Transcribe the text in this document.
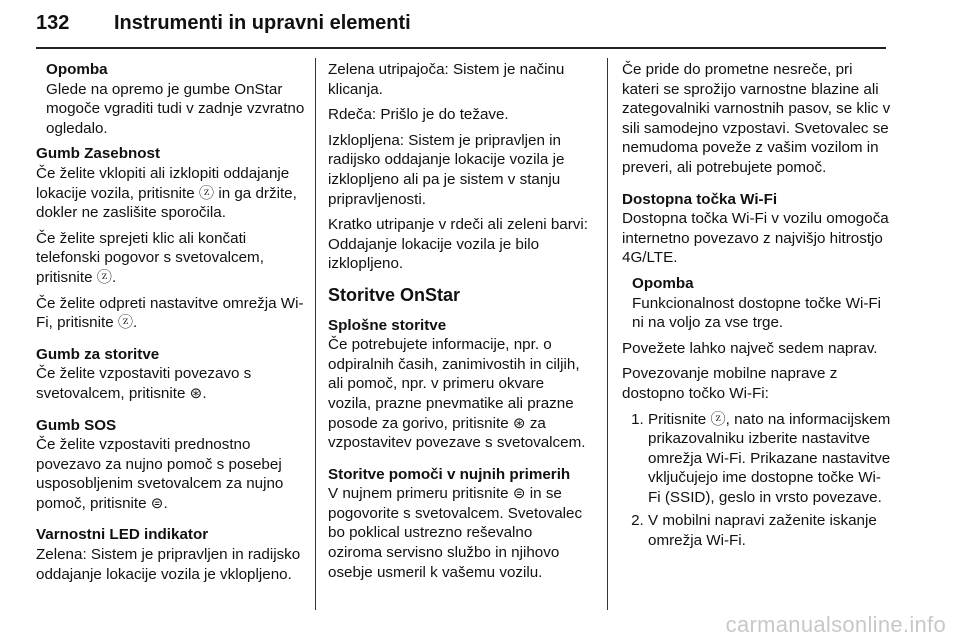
132 Instrumenti in upravni elementi
Opomba

Glede na opremo je gumbe OnStar mogoče vgraditi tudi v zadnje vzvratno ogledalo.

Gumb Zasebnost

Če želite vklopiti ali izklopiti oddajanje lokacije vozila, pritisnite ⓩ in ga držite, dokler ne zaslišite sporočila.

Če želite sprejeti klic ali končati telefonski pogovor s svetovalcem, pritisnite ⓩ.

Če želite odpreti nastavitve omrežja Wi-Fi, pritisnite ⓩ.

Gumb za storitve

Če želite vzpostaviti povezavo s svetovalcem, pritisnite ⊛.

Gumb SOS

Če želite vzpostaviti prednostno povezavo za nujno pomoč s posebej usposobljenim svetovalcem za nujno pomoč, pritisnite ⊜.

Varnostni LED indikator

Zelena: Sistem je pripravljen in radijsko oddajanje lokacije vozila je vklopljeno.

Zelena utripajoča: Sistem je načinu klicanja.

Rdeča: Prišlo je do težave.

Izklopljena: Sistem je pripravljen in radijsko oddajanje lokacije vozila je izklopljeno ali pa je sistem v stanju pripravljenosti.

Kratko utripanje v rdeči ali zeleni barvi: Oddajanje lokacije vozila je bilo izklopljeno.

Storitve OnStar
Splošne storitve

Če potrebujete informacije, npr. o odpiralnih časih, zanimivostih in ciljih, ali pomoč, npr. v primeru okvare vozila, prazne pnevmatike ali prazne posode za gorivo, pritisnite ⊛ za vzpostavitev povezave s svetovalcem.

Storitve pomoči v nujnih primerih

V nujnem primeru pritisnite ⊜ in se pogovorite s svetovalcem. Svetovalec bo poklical ustrezno reševalno oziroma servisno službo in njihovo osebje usmeril k vašemu vozilu.

Če pride do prometne nesreče, pri kateri se sprožijo varnostne blazine ali zategovalniki varnostnih pasov, se klic v sili samodejno vzpostavi. Svetovalec se nemudoma poveže z vašim vozilom in preveri, ali potrebujete pomoč.

Dostopna točka Wi-Fi

Dostopna točka Wi-Fi v vozilu omogoča internetno povezavo z najvišjo hitrostjo 4G/LTE.

Opomba

Funkcionalnost dostopne točke Wi-Fi ni na voljo za vse trge.

Povežete lahko največ sedem naprav.

Povezovanje mobilne naprave z dostopno točko Wi-Fi:

1. Pritisnite ⓩ, nato na informacijskem prikazovalniku izberite nastavitve omrežja Wi-Fi. Prikazane nastavitve vključujejo ime dostopne točke Wi-Fi (SSID), geslo in vrsto povezave.
2. V mobilni napravi zaženite iskanje omrežja Wi-Fi.
carmanualsonline.info
